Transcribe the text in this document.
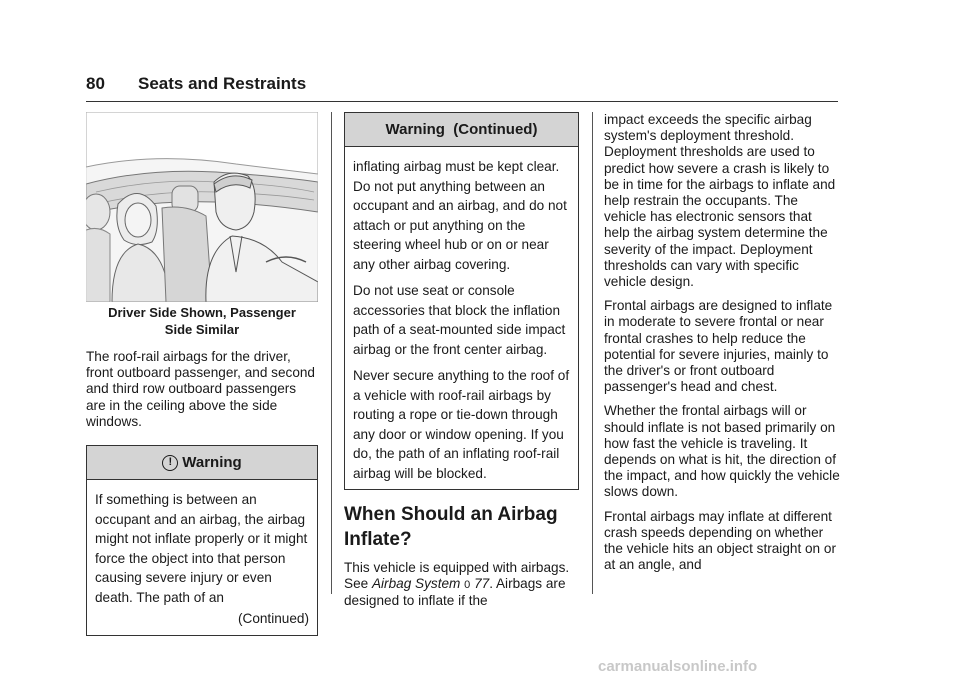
80 Seats and Restraints
Driver Side Shown, Passenger
Side Similar

The roof-rail airbags for the driver, front outboard passenger, and second and third row outboard passengers are in the ceiling above the side windows.

! Warning

If something is between an occupant and an airbag, the airbag might not inflate properly or it might force the object into that person causing severe injury or even death. The path of an

(Continued)
Warning  (Continued)

inflating airbag must be kept clear. Do not put anything between an occupant and an airbag, and do not attach or put anything on the steering wheel hub or on or near any other airbag covering.

Do not use seat or console accessories that block the inflation path of a seat-mounted side impact airbag or the front center airbag.

Never secure anything to the roof of a vehicle with roof-rail airbags by routing a rope or tie-down through any door or window opening. If you do, the path of an inflating roof-rail airbag will be blocked.

When Should an Airbag Inflate?

This vehicle is equipped with airbags. See Airbag System 0 77. Airbags are designed to inflate if the

impact exceeds the specific airbag system's deployment threshold. Deployment thresholds are used to predict how severe a crash is likely to be in time for the airbags to inflate and help restrain the occupants. The vehicle has electronic sensors that help the airbag system determine the severity of the impact. Deployment thresholds can vary with specific vehicle design.

Frontal airbags are designed to inflate in moderate to severe frontal or near frontal crashes to help reduce the potential for severe injuries, mainly to the driver's or front outboard passenger's head and chest.

Whether the frontal airbags will or should inflate is not based primarily on how fast the vehicle is traveling. It depends on what is hit, the direction of the impact, and how quickly the vehicle slows down.

Frontal airbags may inflate at different crash speeds depending on whether the vehicle hits an object straight on or at an angle, and

carmanualsonline.info
